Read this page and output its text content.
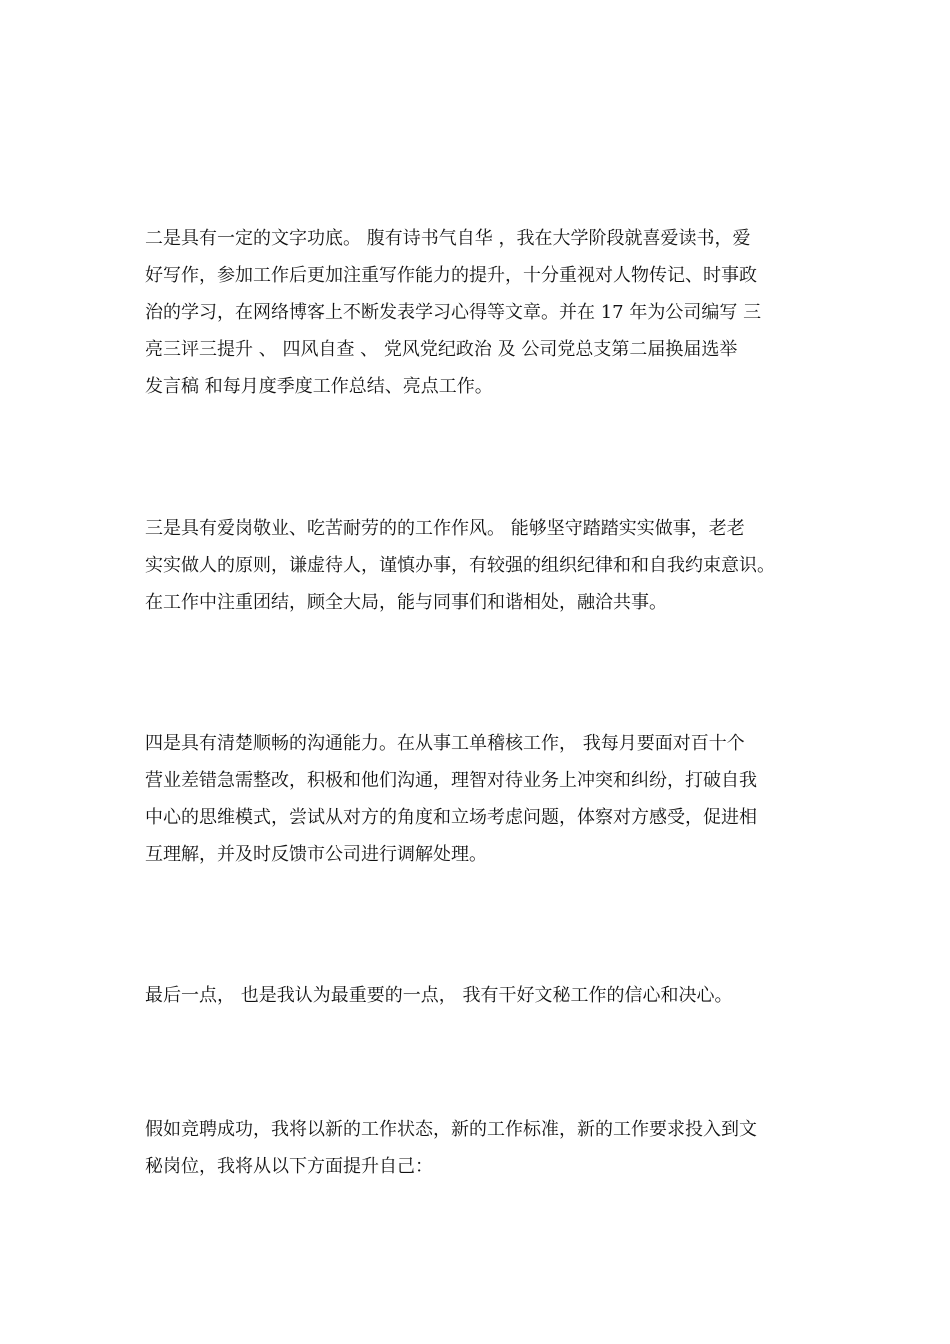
二是具有一定的文字功底。 腹有诗书气自华 ，我在大学阶段就喜爱读书，爱
好写作，参加工作后更加注重写作能力的提升，十分重视对人物传记、时事政
治的学习，在网络博客上不断发表学习心得等文章。并在 17 年为公司编写 三
亮三评三提升 、 四风自查 、 党风党纪政治 及 公司党总支第二届换届选举
发言稿 和每月度季度工作总结、亮点工作。

三是具有爱岗敬业、吃苦耐劳的的工作作风。 能够坚守踏踏实实做事，老老
实实做人的原则，谦虚待人，谨慎办事，有较强的组织纪律和和自我约束意识。
在工作中注重团结，顾全大局，能与同事们和谐相处，融洽共事。

四是具有清楚顺畅的沟通能力。在从事工单稽核工作， 我每月要面对百十个
营业差错急需整改，积极和他们沟通，理智对待业务上冲突和纠纷，打破自我
中心的思维模式，尝试从对方的角度和立场考虑问题，体察对方感受，促进相
互理解，并及时反馈市公司进行调解处理。

最后一点， 也是我认为最重要的一点， 我有干好文秘工作的信心和决心。

假如竞聘成功，我将以新的工作状态，新的工作标准，新的工作要求投入到文
秘岗位，我将从以下方面提升自己：
